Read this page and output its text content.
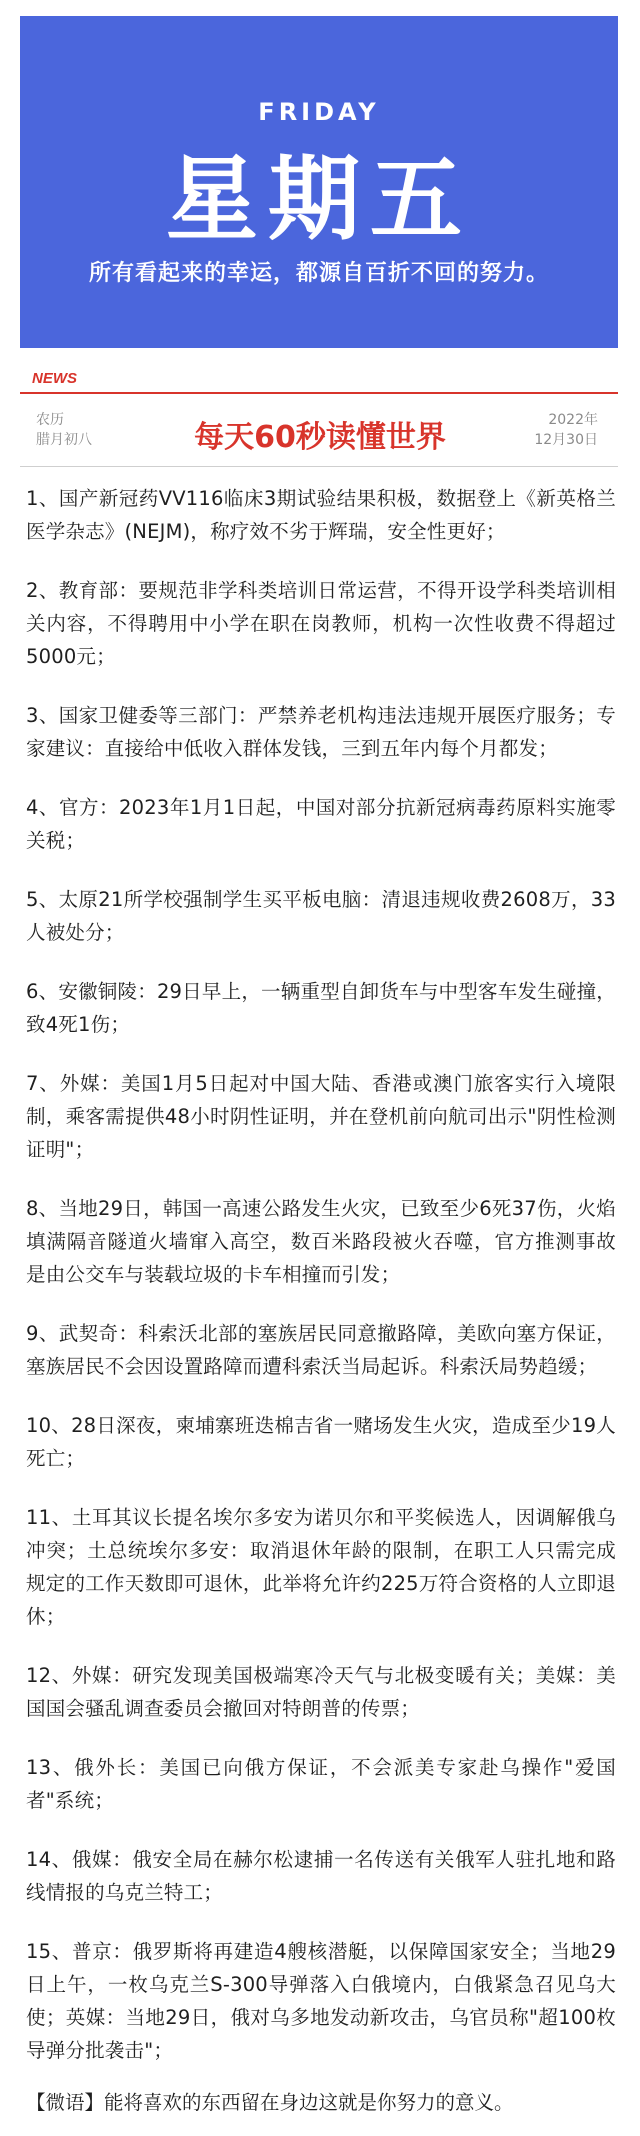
FRIDAY
星期五
所有看起来的幸运，都源自百折不回的努力。
NEWS
农历
腊月初八	每天60秒读懂世界	2022年
12月30日
1、国产新冠药VV116临床3期试验结果积极，数据登上《新英格兰医学杂志》(NEJM)，称疗效不劣于辉瑞，安全性更好；
2、教育部：要规范非学科类培训日常运营，不得开设学科类培训相关内容，不得聘用中小学在职在岗教师，机构一次性收费不得超过5000元；
3、国家卫健委等三部门：严禁养老机构违法违规开展医疗服务；专家建议：直接给中低收入群体发钱，三到五年内每个月都发；
4、官方：2023年1月1日起，中国对部分抗新冠病毒药原料实施零关税；
5、太原21所学校强制学生买平板电脑：清退违规收费2608万，33人被处分；
6、安徽铜陵：29日早上，一辆重型自卸货车与中型客车发生碰撞，致4死1伤；
7、外媒：美国1月5日起对中国大陆、香港或澳门旅客实行入境限制，乘客需提供48小时阴性证明，并在登机前向航司出示"阴性检测证明"；
8、当地29日，韩国一高速公路发生火灾，已致至少6死37伤，火焰填满隔音隧道火墙窜入高空，数百米路段被火吞噬，官方推测事故是由公交车与装载垃圾的卡车相撞而引发；
9、武契奇：科索沃北部的塞族居民同意撤路障，美欧向塞方保证，塞族居民不会因设置路障而遭科索沃当局起诉。科索沃局势趋缓；
10、28日深夜，柬埔寨班迭棉吉省一赌场发生火灾，造成至少19人死亡；
11、土耳其议长提名埃尔多安为诺贝尔和平奖候选人，因调解俄乌冲突；土总统埃尔多安：取消退休年龄的限制，在职工人只需完成规定的工作天数即可退休，此举将允许约225万符合资格的人立即退休；
12、外媒：研究发现美国极端寒冷天气与北极变暖有关；美媒：美国国会骚乱调查委员会撤回对特朗普的传票；
13、俄外长：美国已向俄方保证，不会派美专家赴乌操作"爱国者"系统；
14、俄媒：俄安全局在赫尔松逮捕一名传送有关俄军人驻扎地和路线情报的乌克兰特工；
15、普京：俄罗斯将再建造4艘核潜艇，以保障国家安全；当地29日上午，一枚乌克兰S-300导弹落入白俄境内，白俄紧急召见乌大使；英媒：当地29日，俄对乌多地发动新攻击，乌官员称"超100枚导弹分批袭击"；
【微语】能将喜欢的东西留在身边这就是你努力的意义。
